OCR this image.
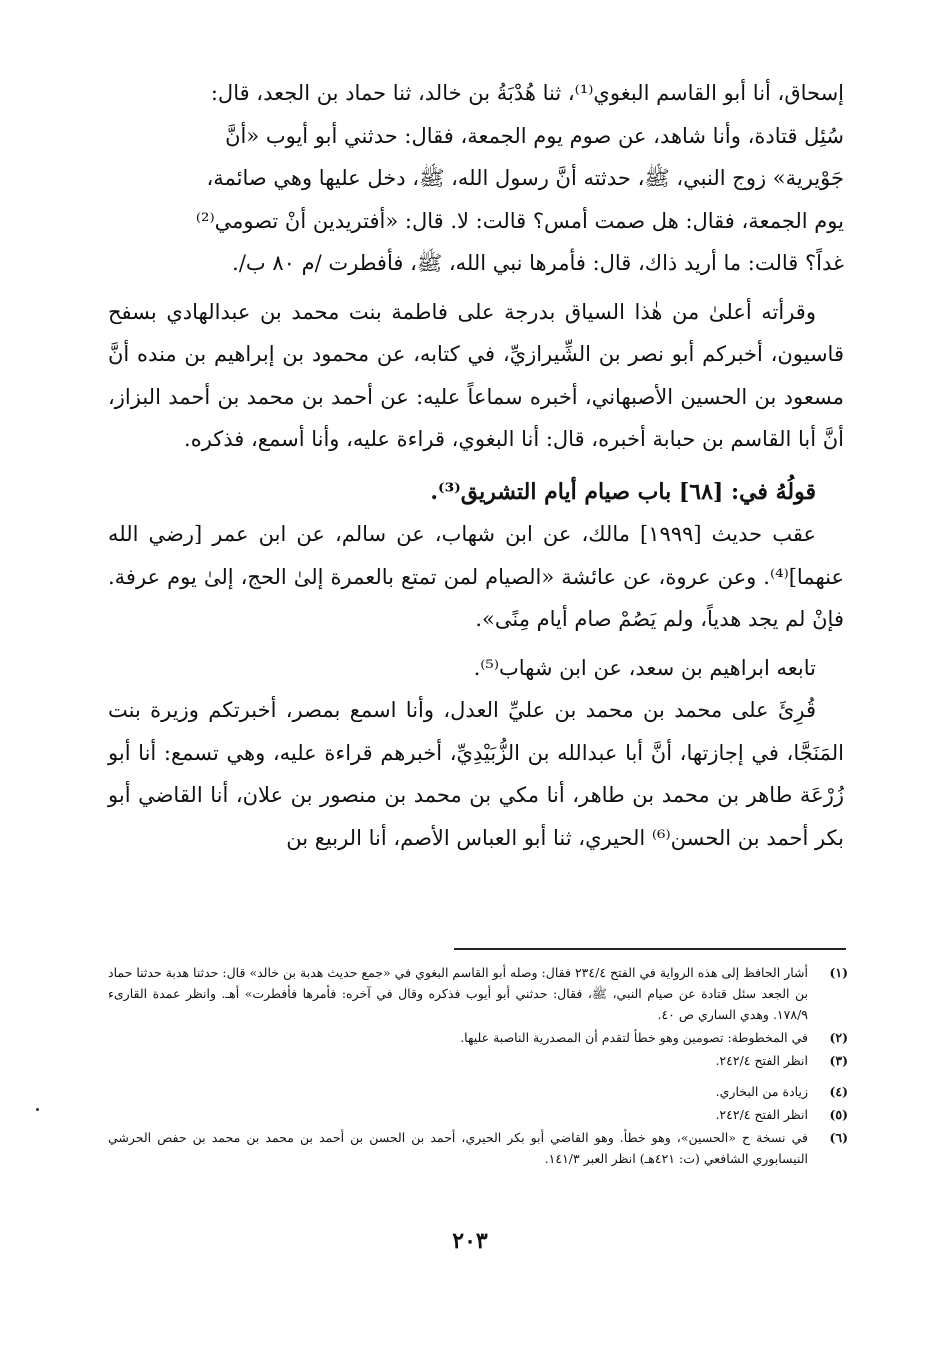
إسحاق، أنا أبو القاسم البغوي⁽¹⁾، ثنا هُدْبَةُ بن خالد، ثنا حماد بن الجعد، قال:

سُئِل قتادة، وأنا شاهد، عن صوم يوم الجمعة، فقال: حدثني أبو أيوب «أنَّ

جَوْيرية» زوج النبي، ﷺ، حدثته أنَّ رسول الله، ﷺ، دخل عليها وهي صائمة،

يوم الجمعة، فقال: هل صمت أمس؟ قالت: لا. قال: «أفتريدين أنْ تصومي⁽²⁾

غداً؟ قالت: ما أريد ذاك، قال: فأمرها نبي الله، ﷺ، فأفطرت /م ٨٠ ب/.

وقرأته أعلىٰ من هٰذا السياق بدرجة على فاطمة بنت محمد بن عبدالهادي بسفح قاسيون، أخبركم أبو نصر بن الشِّيرازيِّ، في كتابه، عن محمود بن إبراهيم بن منده أنَّ مسعود بن الحسين الأصبهاني، أخبره سماعاً عليه: عن أحمد بن محمد بن أحمد البزاز، أنَّ أبا القاسم بن حبابة أخبره، قال: أنا البغوي، قراءة عليه، وأنا أسمع، فذكره.

قولُهُ في: [٦٨] باب صيام أيام التشريق⁽³⁾.

عقب حديث [١٩٩٩] مالك، عن ابن شهاب، عن سالم، عن ابن عمر [رضي الله عنهما]⁽⁴⁾. وعن عروة، عن عائشة «الصيام لمن تمتع بالعمرة إلىٰ الحج، إلىٰ يوم عرفة. فإنْ لم يجد هدياً، ولم يَصُمْ صام أيام مِنًى».

تابعه ابراهيم بن سعد، عن ابن شهاب⁽⁵⁾.

قُرِئَ على محمد بن محمد بن عليِّ العدل، وأنا اسمع بمصر، أخبرتكم وزيرة بنت المَنَجَّا، في إجازتها، أنَّ أبا عبدالله بن الزُّبَيْدِيِّ، أخبرهم قراءة عليه، وهي تسمع: أنا أبو زُرْعَة طاهر بن محمد بن طاهر، أنا مكي بن محمد بن منصور بن علان، أنا القاضي أبو بكر أحمد بن الحسن⁽⁶⁾ الحيري، ثنا أبو العباس الأصم، أنا الربيع بن

(١)
أشار الحافظ إلى هذه الرواية في الفتح ٢٣٤/٤ فقال: وصله أبو القاسم البغوي في «جمع حديث هدبة بن خالد» قال: حدثنا هدبة حدثنا حماد بن الجعد سئل قتادة عن صيام النبي، ﷺ، فقال: حدثني أبو أيوب فذكره وقال في آخره: فأمرها فأفطرت» أهـ. وانظر عمدة القارىء ١٧٨/٩. وهدي الساري ص ٤٠.
(٢)
في المخطوطة: تصومين وهو خطأ لتقدم أن المصدرية الناصبة عليها.
(٣)
انظر الفتح ٢٤٢/٤.
(٤)
زيادة من البخاري.
(٥)
انظر الفتح ٢٤٢/٤.
(٦)
في نسخة ح «الحسين»، وهو خطأ. وهو القاضي أبو بكر الحيري، أحمد بن الحسن بن أحمد بن محمد بن محمد بن حفص الحرشي النيسابوري الشافعي (ت: ٤٢١هـ) انظر العبر ١٤١/٣.
٢٠٣
